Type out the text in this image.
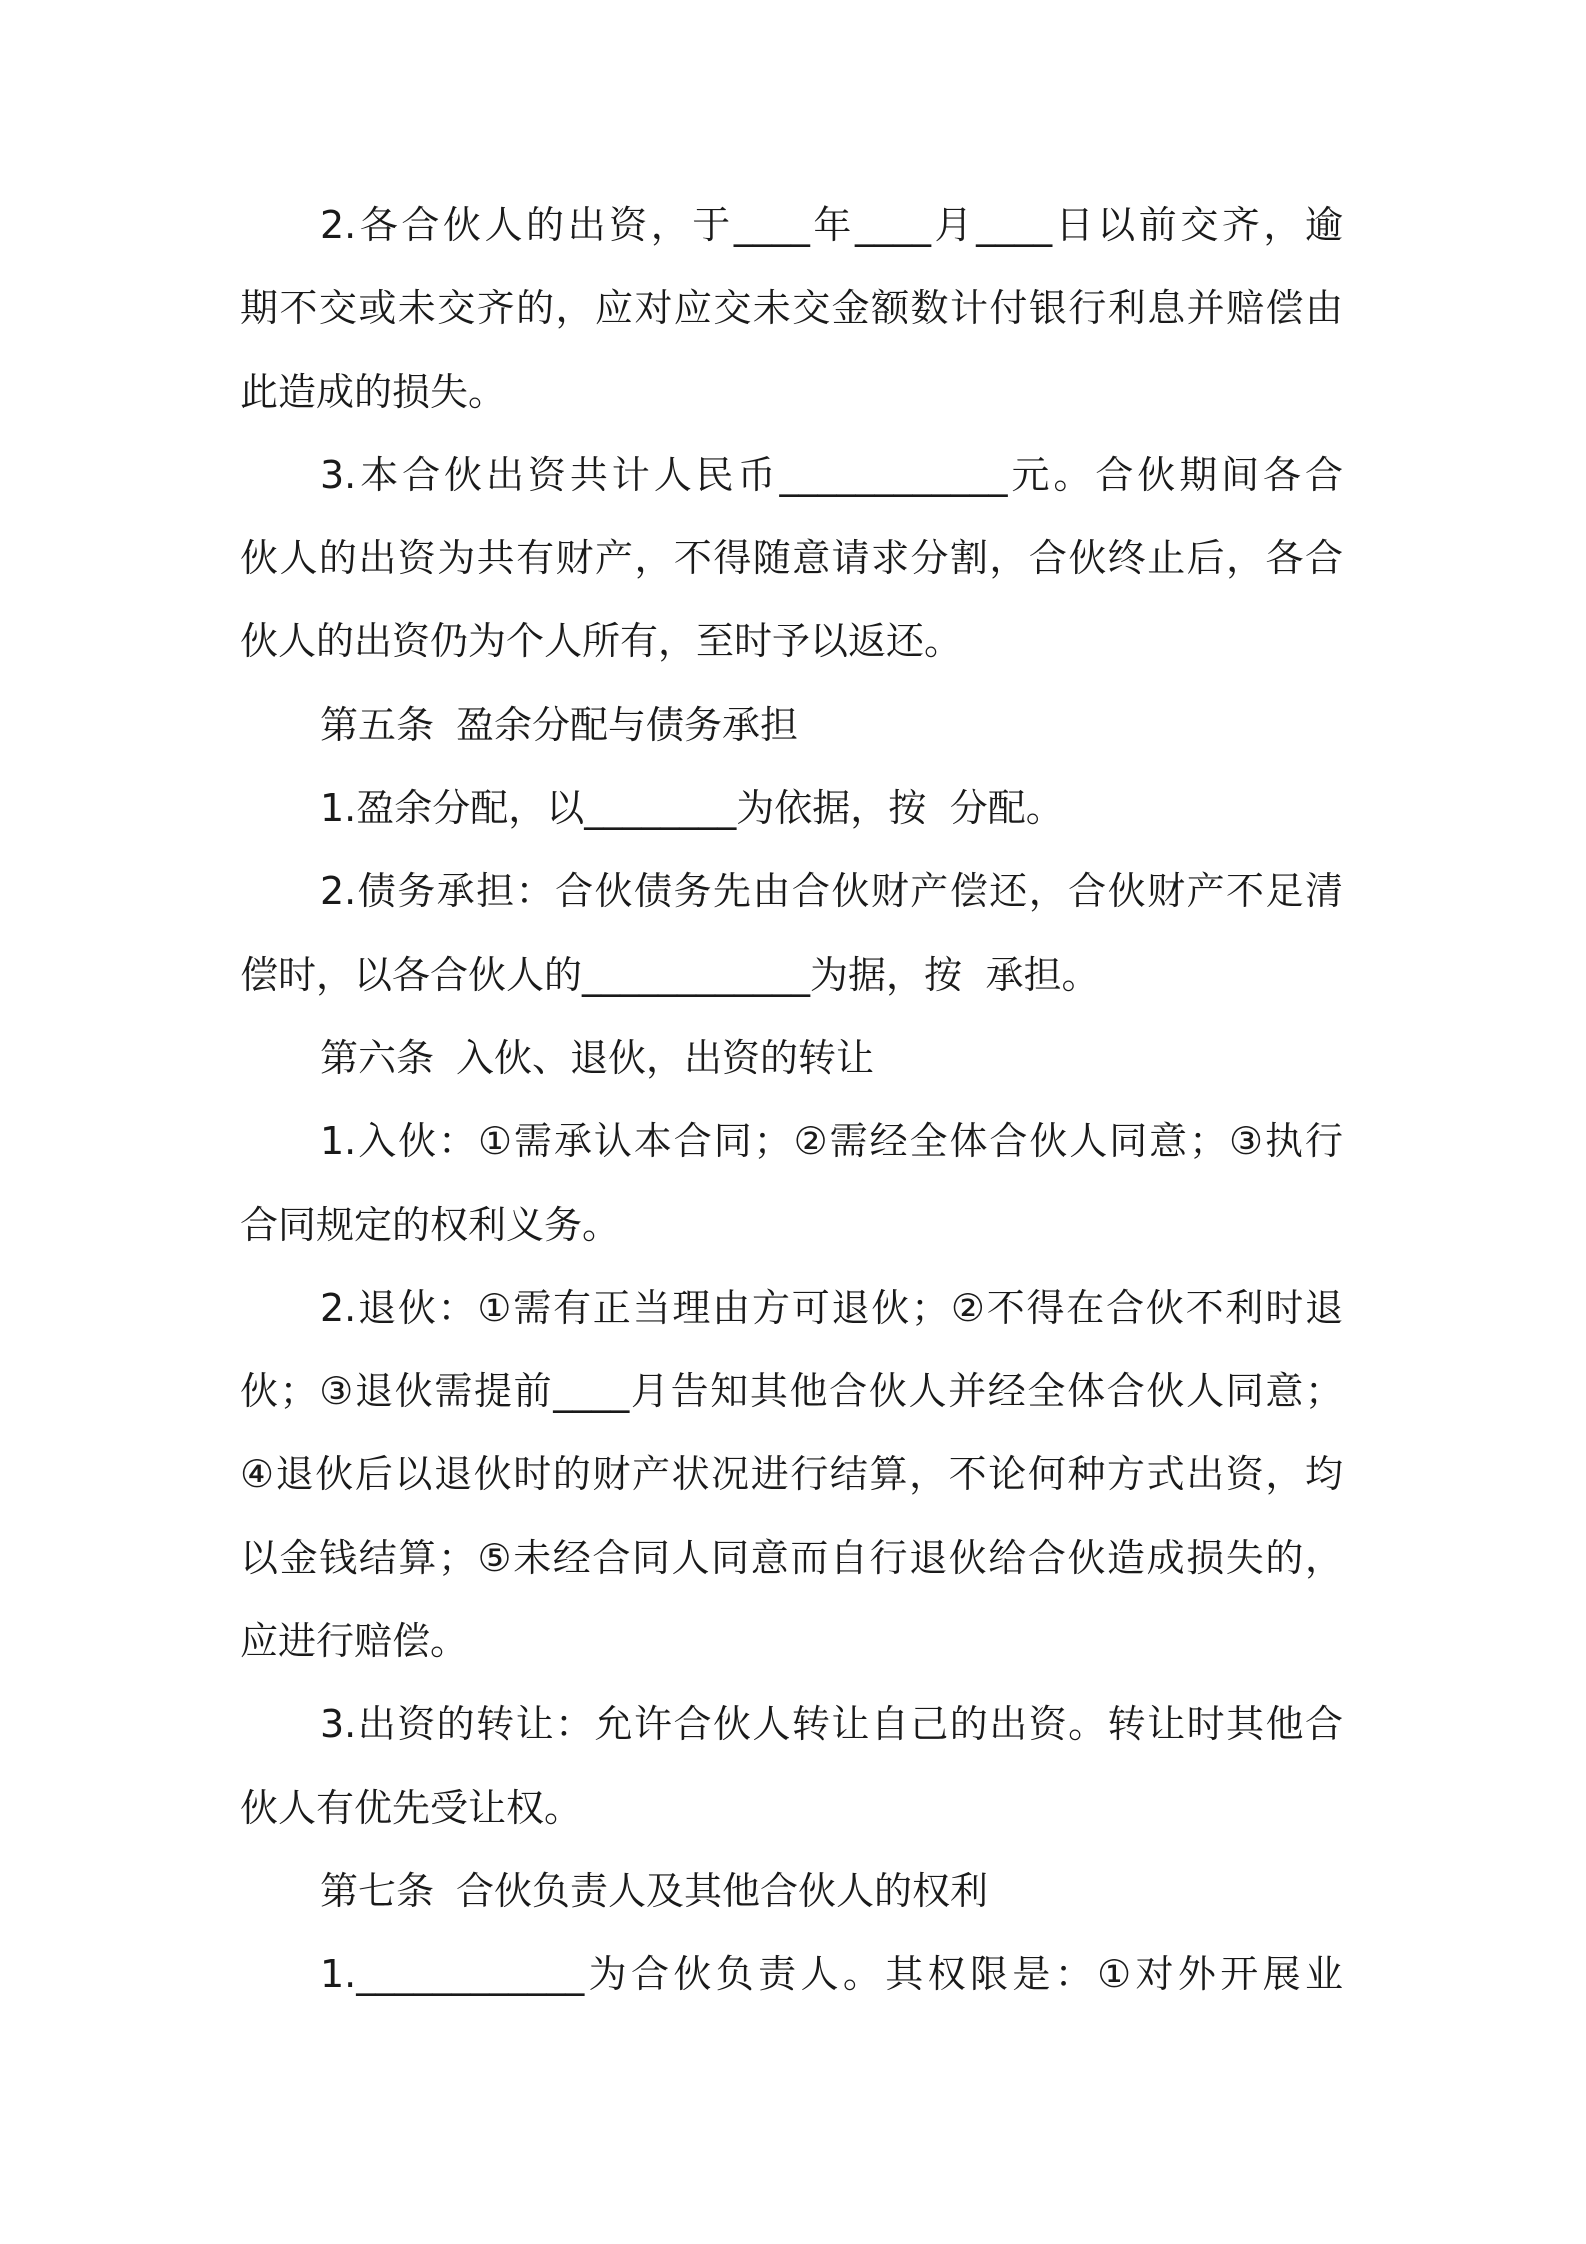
2.各合伙人的出资，于____年____月____日以前交齐，逾
期不交或未交齐的，应对应交未交金额数计付银行利息并赔偿由
此造成的损失。
3.本合伙出资共计人民币____________元。合伙期间各合
伙人的出资为共有财产，不得随意请求分割，合伙终止后，各合
伙人的出资仍为个人所有，至时予以返还。
第五条 盈余分配与债务承担
1.盈余分配，以________为依据，按 分配。
2.债务承担：合伙债务先由合伙财产偿还，合伙财产不足清
偿时，以各合伙人的____________为据，按 承担。
第六条 入伙、退伙，出资的转让
1.入伙：①需承认本合同；②需经全体合伙人同意；③执行
合同规定的权利义务。
2.退伙：①需有正当理由方可退伙；②不得在合伙不利时退
伙；③退伙需提前____月告知其他合伙人并经全体合伙人同意；
④退伙后以退伙时的财产状况进行结算，不论何种方式出资，均
以金钱结算；⑤未经合同人同意而自行退伙给合伙造成损失的，
应进行赔偿。
3.出资的转让：允许合伙人转让自己的出资。转让时其他合
伙人有优先受让权。
第七条 合伙负责人及其他合伙人的权利
1.____________为合伙负责人。其权限是：①对外开展业
